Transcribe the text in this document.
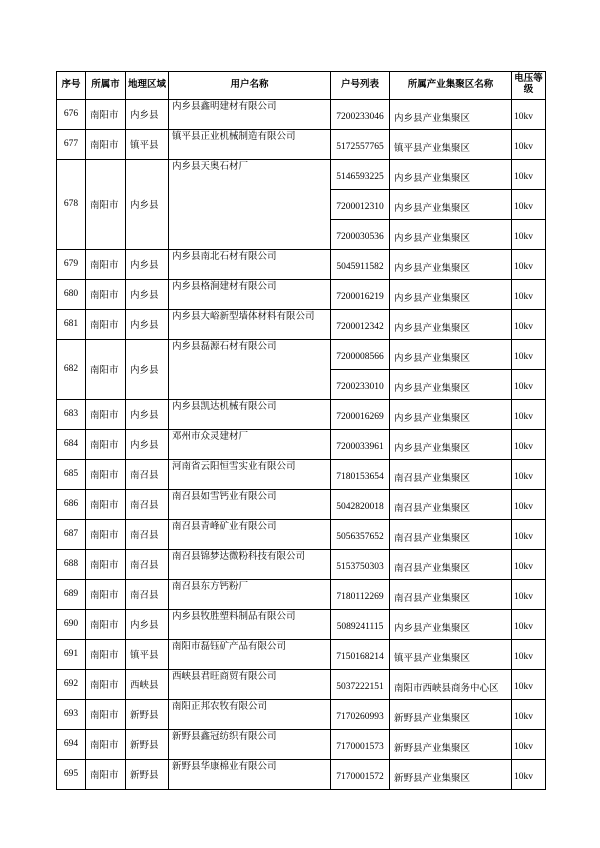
序号	所属市	地理区域	用户名称	户号列表	所属产业集聚区名称	电压等级
676	南阳市	内乡县	内乡县鑫明建材有限公司	7200233046	内乡县产业集聚区	10kv
677	南阳市	镇平县	镇平县正业机械制造有限公司	5172557765	镇平县产业集聚区	10kv
678	南阳市	内乡县	内乡县天奥石材厂	5146593225	内乡县产业集聚区	10kv
				7200012310	内乡县产业集聚区	10kv
				7200030536	内乡县产业集聚区	10kv
679	南阳市	内乡县	内乡县南北石材有限公司	5045911582	内乡县产业集聚区	10kv
680	南阳市	内乡县	内乡县格涧建材有限公司	7200016219	内乡县产业集聚区	10kv
681	南阳市	内乡县	内乡县大峪新型墙体材料有限公司	7200012342	内乡县产业集聚区	10kv
682	南阳市	内乡县	内乡县磊源石材有限公司	7200008566	内乡县产业集聚区	10kv
				7200233010	内乡县产业集聚区	10kv
683	南阳市	内乡县	内乡县凯达机械有限公司	7200016269	内乡县产业集聚区	10kv
684	南阳市	内乡县	邓州市众灵建材厂	7200033961	内乡县产业集聚区	10kv
685	南阳市	南召县	河南省云阳恒雪实业有限公司	7180153654	南召县产业集聚区	10kv
686	南阳市	南召县	南召县如雪钙业有限公司	5042820018	南召县产业集聚区	10kv
687	南阳市	南召县	南召县青峰矿业有限公司	5056357652	南召县产业集聚区	10kv
688	南阳市	南召县	南召县锦梦达微粉科技有限公司	5153750303	南召县产业集聚区	10kv
689	南阳市	南召县	南召县东方钙粉厂	7180112269	南召县产业集聚区	10kv
690	南阳市	内乡县	内乡县牧胜塑料制品有限公司	5089241115	内乡县产业集聚区	10kv
691	南阳市	镇平县	南阳市磊钰矿产品有限公司	7150168214	镇平县产业集聚区	10kv
692	南阳市	西峡县	西峡县君旺商贸有限公司	5037222151	南阳市西峡县商务中心区	10kv
693	南阳市	新野县	南阳正邦农牧有限公司	7170260993	新野县产业集聚区	10kv
694	南阳市	新野县	新野县鑫冠纺织有限公司	7170001573	新野县产业集聚区	10kv
695	南阳市	新野县	新野县华康棉业有限公司	7170001572	新野县产业集聚区	10kv
